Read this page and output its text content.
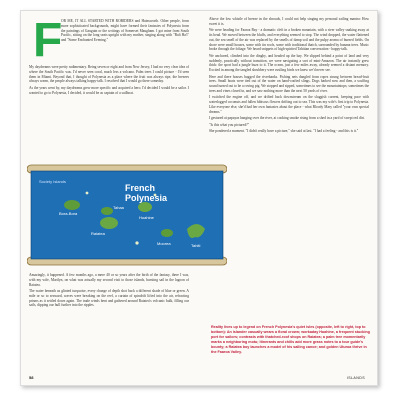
F
OR ME, IT ALL STARTED WITH ROBIDERS and Hainsworth. Other people, from more sophisticated backgrounds, might have formed their fantasies of Polynesia from the paintings of Gauguin or the writings of Somerset Maugham. I got mine from South Pacific, sitting on the long seats upright with my mother, singing along with "Bali Ha'i" and "Some Enchanted Evening."

My daydreams were pretty rudimentary. Being seven or eight and from New Jersey, I had no very clear idea of where the South Pacific was. I'd never seen coral, much less a volcano. Palm trees I could picture - I'd seen them in Miami. Beyond that, I thought of Polynesia as a place where the fruit was always ripe, the breezes always warm, the people always talking happy-talk. I resolved that I would go there someday.

As the years went by, my daydreams grew more specific and acquired a hero. I'd decided I would be a sailor. I wanted to go to Polynesia, I decided, it would be as captain of a sailboat.

French
Polynesia
Bora-Bora
Tahaa
Raiatea
Huahine
Moorea	Tahiti
Society Islands

Amazingly, it happened. A few months ago, a mere 40 or so years after the birth of the fantasy, there I was, with my wife, Marilyn, on what was actually my second visit to those islands, bursting sail in the lagoon of Raiatea.

The water beneath us glinted turquoise, every change of depth shot back a different shade of blue or green. A mile or so to seaward, waves were breaking on the reef, a curtain of spindrift lifted into the air, refracting prisms as it settled down again. The trade winds bent and gathered around Raiatea's volcanic bulk, filling our sails, dipping our hull further into the ripples.

Above the low whistle of breeze in the shrouds, I could not help singing my personal sailing mantra: How sweet it is.

We were heading for Faaroa Bay - a dramatic cleft in a broken mountain, with a river valley snaking away at its head. We moved between the bluffs, and everything seemed to stop. The wind dropped, the water flattened out, the sea smell of the air was replaced by the smells of damp soil and the pulpy aroma of burned fields. On shore were small houses, some with tin roofs, some with traditional thatch, surrounded by banana trees. Music broke through the foliage. We heard snippets of high-spirited Tahitian conversation - happy-talk.

We anchored, climbed into the dinghy, and headed up the bay. We slipped behind a point of land and very suddenly, practically without transition, we were navigating a sort of mini-Amazon. The air instantly grew thick: the sport had a jungle buzz to it. The ocean, just a few miles away, already seemed a distant memory. Excited in among the tangled shrubbery were rustling birds we knew we'd never see.

Here and there houses hugged the riverbanks. Fishing nets dangled from ropes strung between bread-fruit trees. Small boats were tied out of the water on hand-crafted slings. Dogs barked now and then, a scuffing sound turned out to be a roving pig. We stopped and sipped, sometimes to see the mountaintops; sometimes the trees and vines closed in, and we saw nothing more than the next 50 yards of river.

I switched the engine off, and we drifted back downstream on the sluggish current, keeping pace with waterlogged coconuts and fallen hibiscus flowers drifting out to sea. This was my wife's first trip to Polynesia. Like everyone else, she'd had her own fantasies about the place - what Bloody Mary called "your own special dreams."

I gestured at papayas hanging over the river, at cooking smoke rising from a shed in a yard of swept red dirt.

"Is this what you pictured?"

She pondered a moment. "I didn't really have a picture," she said at last. "I had a feeling - and this is it."

Reality lives up to legend on French Polynesia's quiet isles (opposite, left to right, top to bottom): An islander casually wears a floral crown; workaday Huahine, a frequent stucking port for sailors; contrasts with thatched-roof shops on Raiatea; a palm tree momentarily marks a neighboring motu; Itinerants and chills add more grass notes to a tour guide's bounty; a Raiatea boy launches a model of his sailing canoe; and golden Uturoa thrive in the Faaroa Valley.
58	ISLANDS
